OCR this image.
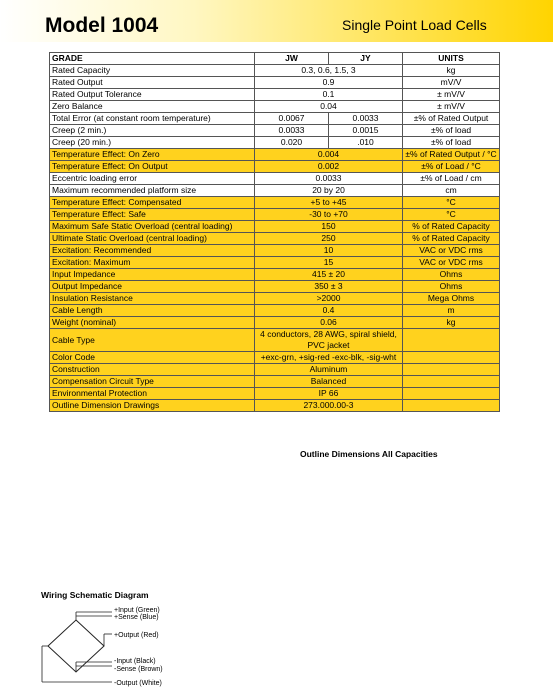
Model 1004	Single Point Load Cells
GRADE	JW	JY	UNITS
Rated Capacity	0.3, 0.6, 1.5, 3		kg
Rated Output	0.9		mV/V
Rated Output Tolerance	0.1		± mV/V
Zero Balance	0.04		± mV/V
Total Error (at constant room temperature)	0.0067	0.0033	±% of Rated Output
Creep (2 min.)	0.0033	0.0015	±% of load
Creep (20 min.)	0.020	.010	±% of load
Temperature Effect: On Zero	0.004		±% of Rated Output / °C
Temperature Effect: On Output	0.002		±% of Load / °C
Eccentric loading error	0.0033		±% of Load / cm
Maximum recommended platform size	20 by 20		cm
Temperature Effect: Compensated	+5 to +45		°C
Temperature Effect: Safe	-30 to +70		°C
Maximum Safe Static Overload (central loading)	150		% of Rated Capacity
Ultimate Static Overload (central loading)	250		% of Rated Capacity
Excitation: Recommended	10		VAC or VDC rms
Excitation: Maximum	15		VAC or VDC rms
Input Impedance	415 ± 20		Ohms
Output Impedance	350 ± 3		Ohms
Insulation Resistance	>2000		Mega Ohms
Cable Length	0.4		m
Weight (nominal)	0.06		kg
Cable Type	4 conductors, 28 AWG, spiral shield, PVC jacket		
Color Code	+exc-grn, +sig-red -exc-blk, -sig-wht		
Construction	Aluminum		
Compensation Circuit Type	Balanced		
Environmental Protection	IP 66		
Outline Dimension Drawings	273.000.00-3		
Outline Dimensions All Capacities
Wiring Schematic Diagram
+Input (Green)
+Sense (Blue)
+Output (Red)
-Input (Black)
-Sense (Brown)
-Output (White)
